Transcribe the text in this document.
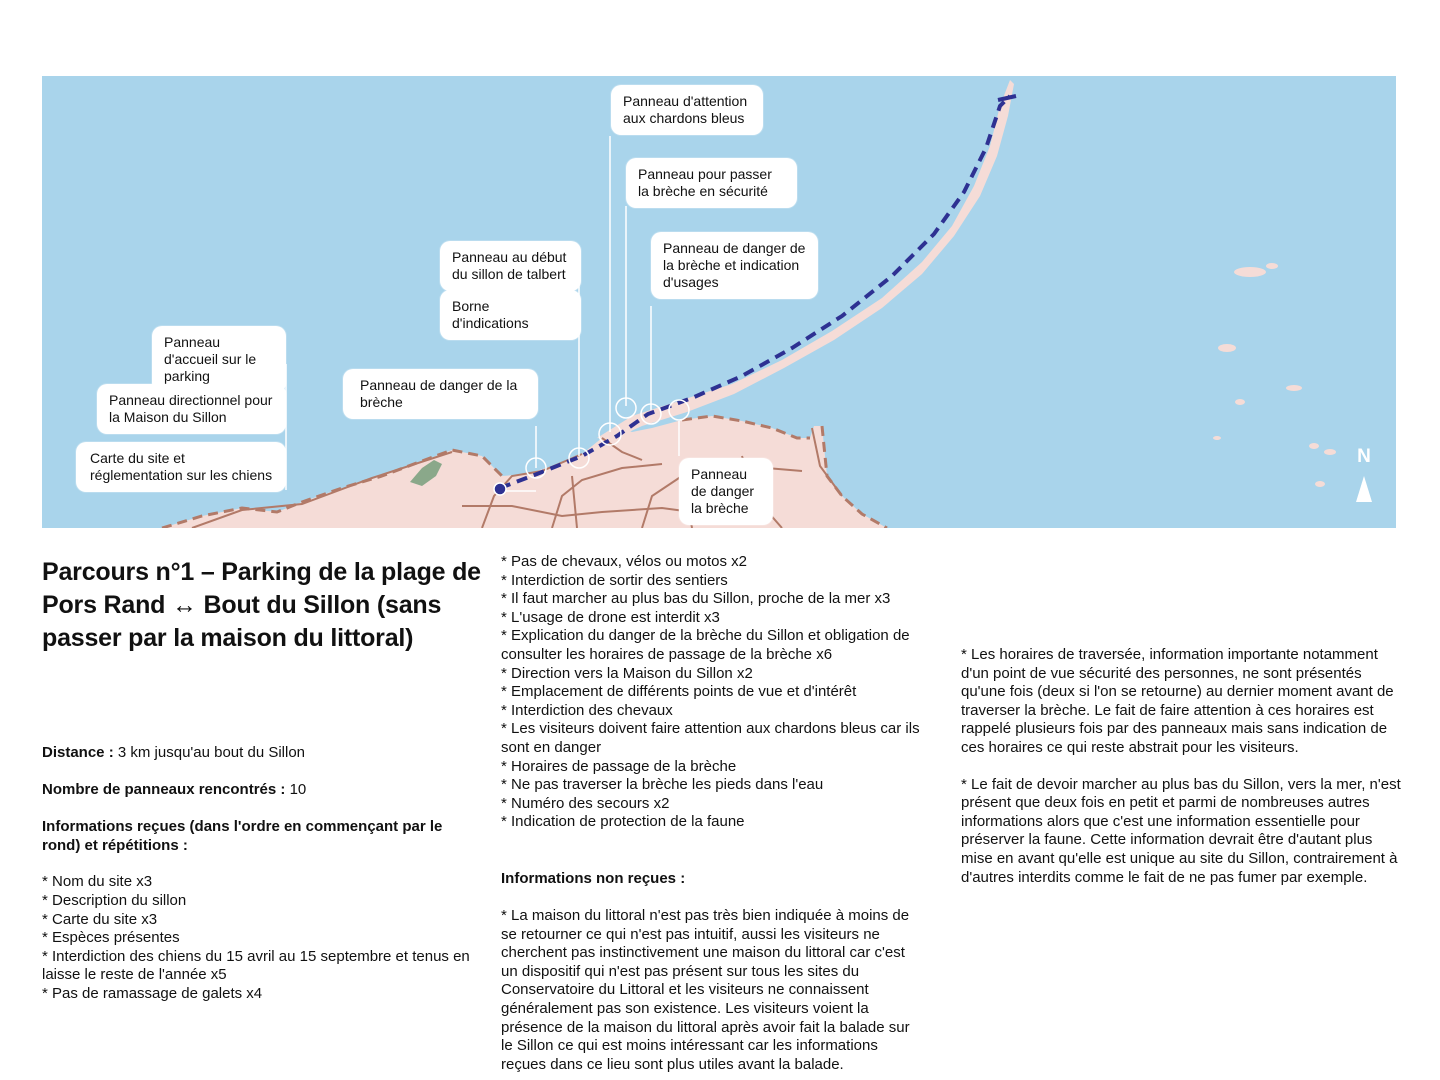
N
Panneau d'accueil sur le parking
Panneau directionnel pour la Maison du Sillon
Carte du site et réglementation sur les chiens
Panneau de danger de la brèche
Panneau au début du sillon de talbert
Borne d'indications
Panneau d'attention aux chardons bleus
Panneau pour passer la brèche en sécurité
Panneau de danger de la brèche et indication d'usages
Panneau de danger la brèche
Parcours n°1 – Parking de la plage de Pors Rand ↔ Bout du Sillon (sans passer par la maison du littoral)
Distance : 3 km jusqu'au bout du Sillon
Nombre de panneaux rencontrés : 10
Informations reçues (dans l'ordre en commençant par le rond) et répétitions :
* Nom du site x3
* Description du sillon
* Carte du site x3
* Espèces présentes
* Interdiction des chiens du 15 avril au 15 septembre et tenus en laisse le reste de l'année x5
* Pas de ramassage de galets x4
* Pas de chevaux, vélos ou motos x2
* Interdiction de sortir des sentiers
* Il faut marcher au plus bas du Sillon, proche de la mer x3
* L'usage de drone est interdit x3
* Explication du danger de la brèche du Sillon et obligation de consulter les horaires de passage de la brèche x6
* Direction vers la Maison du Sillon x2
* Emplacement de différents points de vue et d'intérêt
* Interdiction des chevaux
* Les visiteurs doivent faire attention aux chardons bleus car ils sont en danger
* Horaires de passage de la brèche
* Ne pas traverser la brèche les pieds dans l'eau
* Numéro des secours x2
* Indication de protection de la faune
Informations non reçues :
* La maison du littoral n'est pas très bien indiquée à moins de se retourner ce qui n'est pas intuitif, aussi les visiteurs ne cherchent pas instinctivement une maison du littoral car c'est un dispositif qui n'est pas présent sur tous les sites du Conservatoire du Littoral et les visiteurs ne connaissent généralement pas son existence. Les visiteurs voient la présence de la maison du littoral après avoir fait la balade sur le Sillon ce qui est moins intéressant car les informations reçues dans ce lieu sont plus utiles avant la balade.
* Les horaires de traversée, information importante notamment d'un point de vue sécurité des personnes, ne sont présentés qu'une fois (deux si l'on se retourne) au dernier moment avant de traverser la brèche. Le fait de faire attention à ces horaires est rappelé plusieurs fois par des panneaux mais sans indication de ces horaires ce qui reste abstrait pour les visiteurs.
* Le fait de devoir marcher au plus bas du Sillon, vers la mer, n'est présent que deux fois en petit et parmi de nombreuses autres informations alors que c'est une information essentielle pour préserver la faune. Cette information devrait être d'autant plus mise en avant qu'elle est unique au site du Sillon, contrairement à d'autres interdits comme le fait de ne pas fumer par exemple.
